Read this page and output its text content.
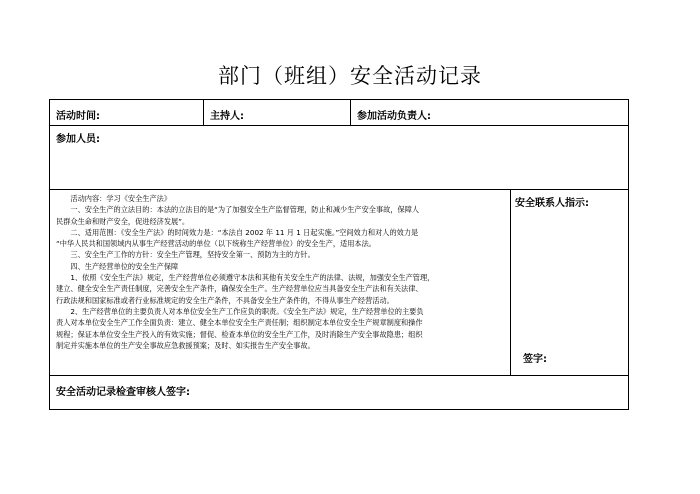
部门（班组）安全活动记录
活动时间:	主持人:	参加活动负责人:
参加人员:
安全联系人指示:
签字:
安全活动记录检查审核人签字:

活动内容：学习《安全生产法》

一、安全生产的立法目的：本法的立法目的是“为了加强安全生产监督管理，防止和减少生产安全事故，保障人

民群众生命和财产安全，促进经济发展”。

二、适用范围：《安全生产法》的时间效力是：“本法自 2002 年 11 月 1 日起实施。”空间效力和对人的效力是

“中华人民共和国领域内从事生产经营活动的单位（以下统称生产经营单位）的安全生产，适用本法。

三、安全生产工作的方针：安全生产管理，坚持安全第一、预防为主的方针。

四、生产经营单位的安全生产保障

1、依照《安全生产法》规定，生产经营单位必须遵守本法和其他有关安全生产的法律、法规，加强安全生产管理，

建立、健全安全生产责任制度，完善安全生产条件，确保安全生产。生产经营单位应当具备安全生产法和有关法律、

行政法规和国家标准或者行业标准规定的安全生产条件，不具备安全生产条件的，不得从事生产经营活动。

2、生产经营单位的主要负责人对本单位安全生产工作应负的职责。《安全生产法》规定，生产经营单位的主要负

责人对本单位安全生产工作全面负责：建立、健全本单位安全生产责任制；组织制定本单位安全生产规章制度和操作

规程；保证本单位安全生产投入的有效实施；督促、检查本单位的安全生产工作，及时消除生产安全事故隐患；组织

制定并实施本单位的生产安全事故应急救援预案；及时、如实报告生产安全事故。
